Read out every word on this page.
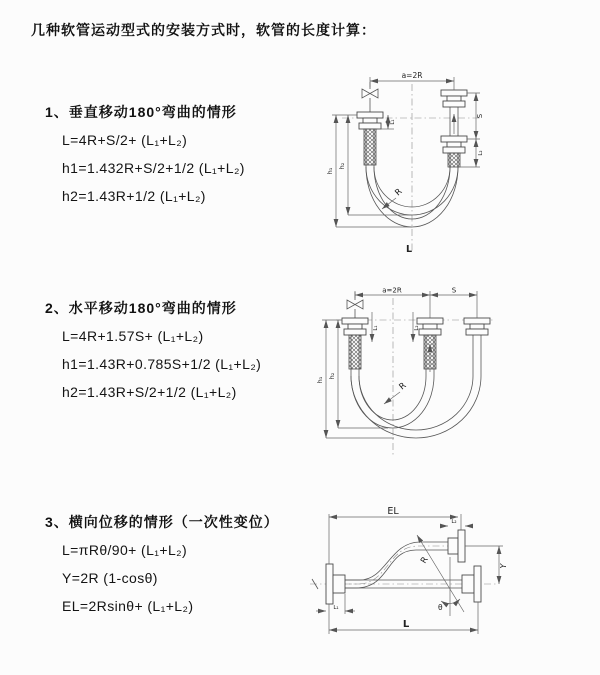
几种软管运动型式的安装方式时，软管的长度计算：

1、垂直移动180°弯曲的情形

L=4R+S/2+ (L₁+L₂)

h1=1.432R+S/2+1/2 (L₁+L₂)

h2=1.43R+1/2 (L₁+L₂)

2、水平移动180°弯曲的情形

L=4R+1.57S+ (L₁+L₂)

h1=1.43R+0.785S+1/2 (L₁+L₂)

h2=1.43R+S/2+1/2 (L₁+L₂)

3、横向位移的情形（一次性变位）

L=πRθ/90+ (L₁+L₂)

Y=2R (1-cosθ)

EL=2Rsinθ+ (L₁+L₂)

a=2R
S
L₂
h₁
h₂
L₁
R
L
a=2R	S
h₁
h₂
L₁	L₂
R
EL
L₂
Y
L
L₁
R
θ
